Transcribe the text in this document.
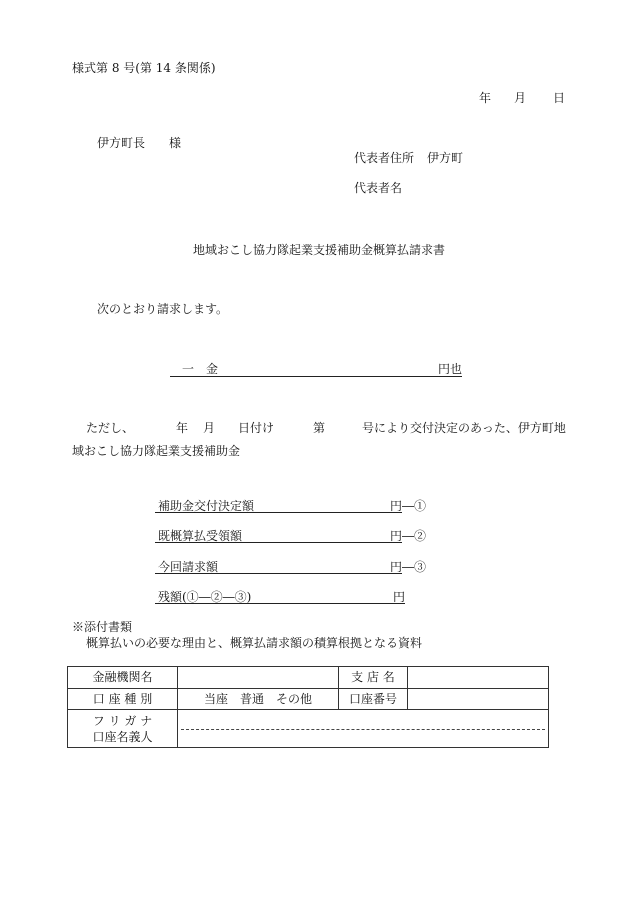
様式第 8 号(第 14 条関係)
年 月 日
伊方町長　　様
代表者住所 伊方町
代表者名
地域おこし協力隊起業支援補助金概算払請求書
次のとおり請求します。
一 金	円也
ただし、	年 月 日付け	第	号により交付決定のあった、伊方町地
域おこし協力隊起業支援補助金
補助金交付決定額	円―①
既概算払受領額	円―②
今回請求額	円―③
残額(①―②―③)	円
※添付書類
概算払いの必要な理由と、概算払請求額の積算根拠となる資料
金融機関名		支 店 名	
口 座 種 別	当座　普通　その他	口座番号	

フ リ ガ ナ
口座名義人			
